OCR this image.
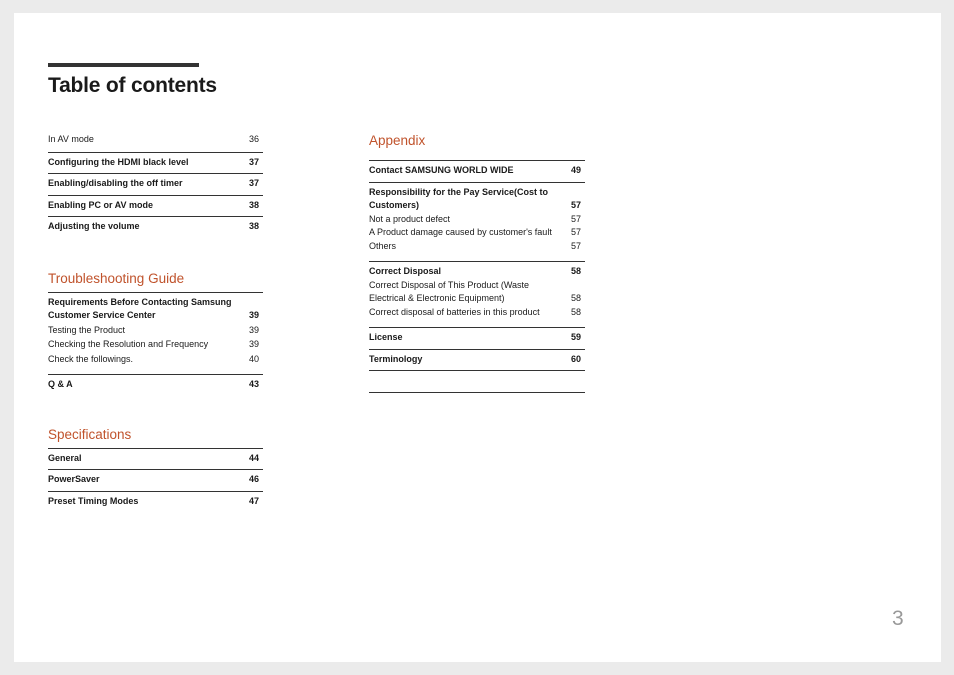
Table of contents
In AV mode	36
Configuring the HDMI black level	37
Enabling/disabling the off timer	37
Enabling PC or AV mode	38
Adjusting the volume	38
Troubleshooting Guide
Requirements Before Contacting Samsung Customer Service Center	39
Testing the Product	39
Checking the Resolution and Frequency	39
Check the followings.	40
Q & A	43
Specifications
General	44
PowerSaver	46
Preset Timing Modes	47
Appendix
Contact SAMSUNG WORLD WIDE	49
Responsibility for the Pay Service(Cost to Customers)	57
Not a product defect	57
A Product damage caused by customer's fault	57
Others	57
Correct Disposal	58
Correct Disposal of This Product (Waste Electrical & Electronic Equipment)	58
Correct disposal of batteries in this product	58
License	59
Terminology	60
3
